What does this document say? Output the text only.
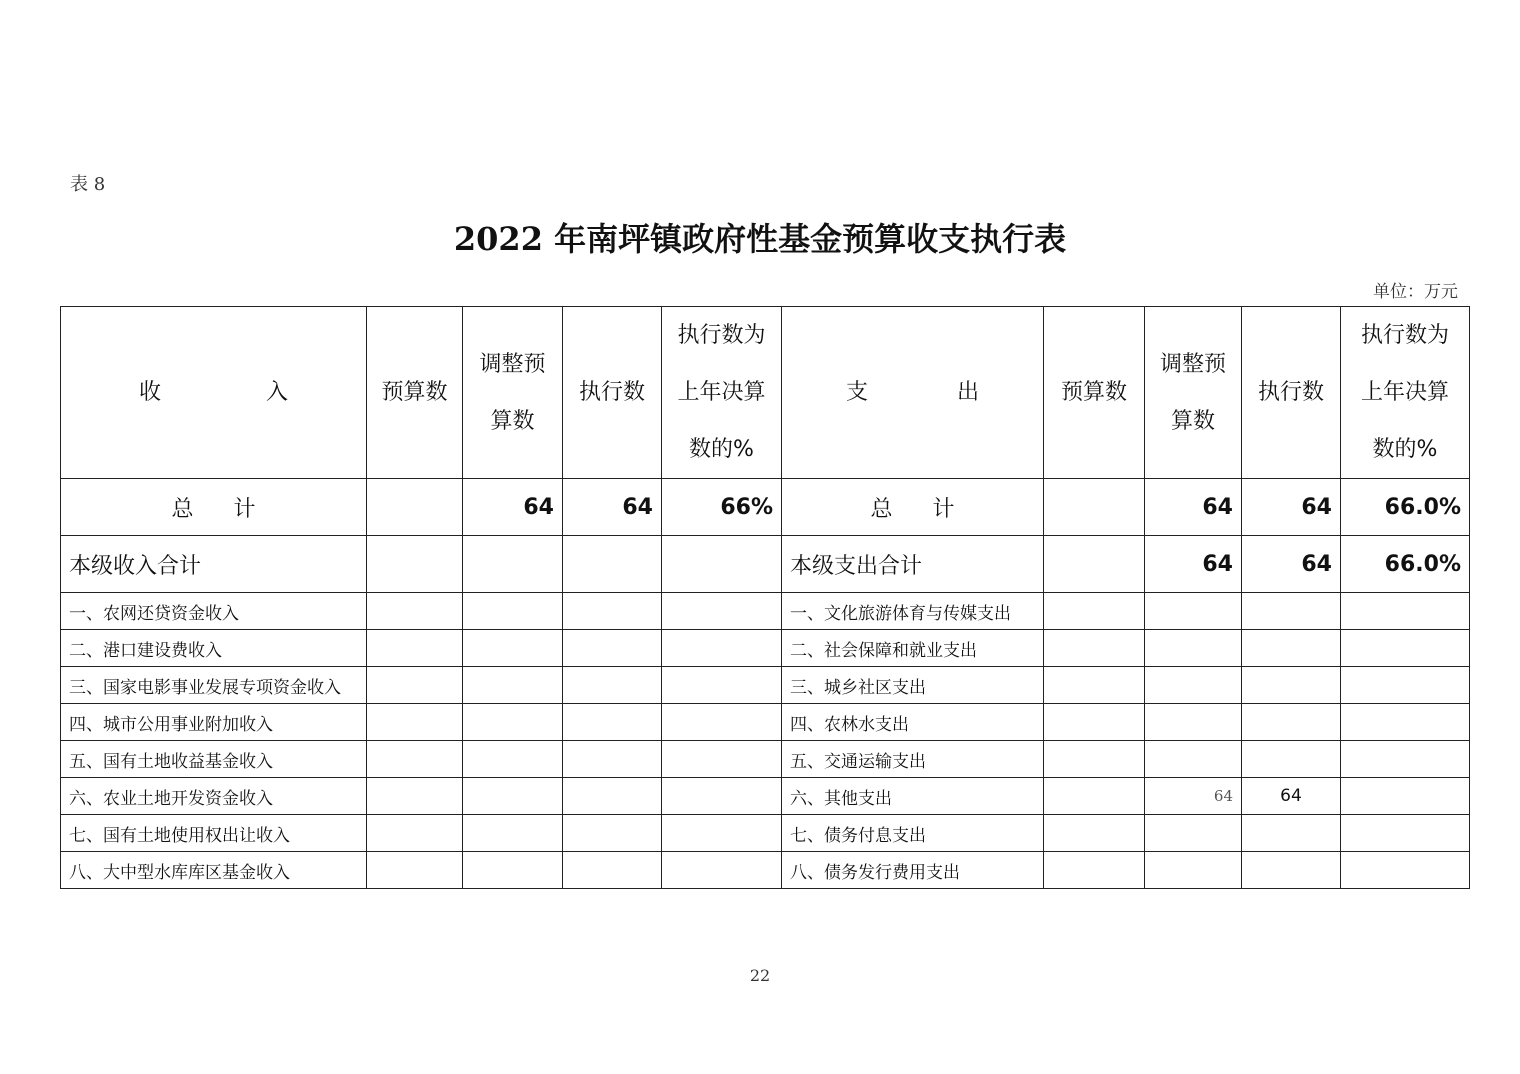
表 8
2022 年南坪镇政府性基金预算收支执行表
单位：万元
收 入	预算数	调整预算数	执行数	执行数为上年决算数的%	支 出	预算数	调整预算数	执行数	执行数为上年决算数的%

总 计		64	64	66%	总 计		64	64	66.0%
本级收入合计					本级支出合计		64	64	66.0%
一、农网还贷资金收入					一、文化旅游体育与传媒支出				
二、港口建设费收入					二、社会保障和就业支出				
三、国家电影事业发展专项资金收入					三、城乡社区支出				
四、城市公用事业附加收入					四、农林水支出				
五、国有土地收益基金收入					五、交通运输支出				
六、农业土地开发资金收入					六、其他支出		64	64	
七、国有土地使用权出让收入					七、债务付息支出				
八、大中型水库库区基金收入					八、债务发行费用支出				
22
